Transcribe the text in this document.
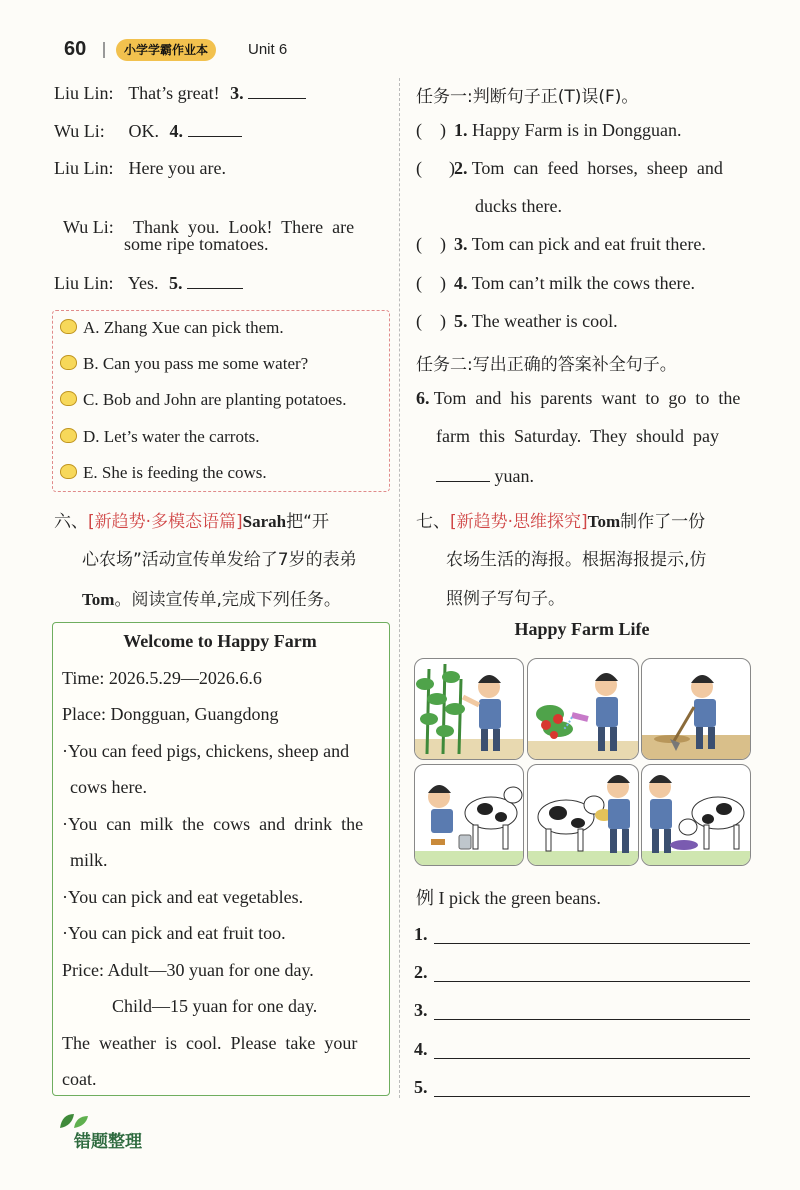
60	小学学霸作业本	Unit 6
Liu Lin: That’s great! 3.
Wu Li: OK. 4.
Liu Lin: Here you are.

Wu Li: Thank  you.  Look!  There  are

some ripe tomatoes.
Liu Lin: Yes. 5.
A. Zhang Xue can pick them.
B. Can you pass me some water?
C. Bob and John are planting potatoes.
D. Let’s water the carrots.
E. She is feeding the cows.
六、[新趋势·多模态语篇]Sarah把“开
心农场”活动宣传单发给了7岁的表弟
Tom。阅读宣传单,完成下列任务。
Welcome to Happy Farm
Time: 2026.5.29—2026.6.6
Place: Dongguan, Guangdong
·You can feed pigs, chickens, sheep and
cows here.
·You  can  milk  the  cows  and  drink  the
milk.
·You can pick and eat vegetables.
·You can pick and eat fruit too.
Price: Adult—30 yuan for one day.
Child—15 yuan for one day.
The  weather  is  cool.  Please  take  your
coat.
任务一:判断句子正(T)误(F)。
(    ) 1. Happy Farm is in Dongguan.
(      )2. Tom  can  feed  horses,  sheep  and
ducks there.
(    ) 3. Tom can pick and eat fruit there.
(    ) 4. Tom can’t milk the cows there.
(    ) 5. The weather is cool.
任务二:写出正确的答案补全句子。
6. Tom  and  his  parents  want  to  go  to  the
farm  this  Saturday.  They  should  pay
yuan.
七、[新趋势·思维探究]Tom制作了一份
农场生活的海报。根据海报提示,仿
照例子写句子。
Happy Farm Life
例 I pick the green beans.
1.
2.
3.
4.
5.
错题整理
